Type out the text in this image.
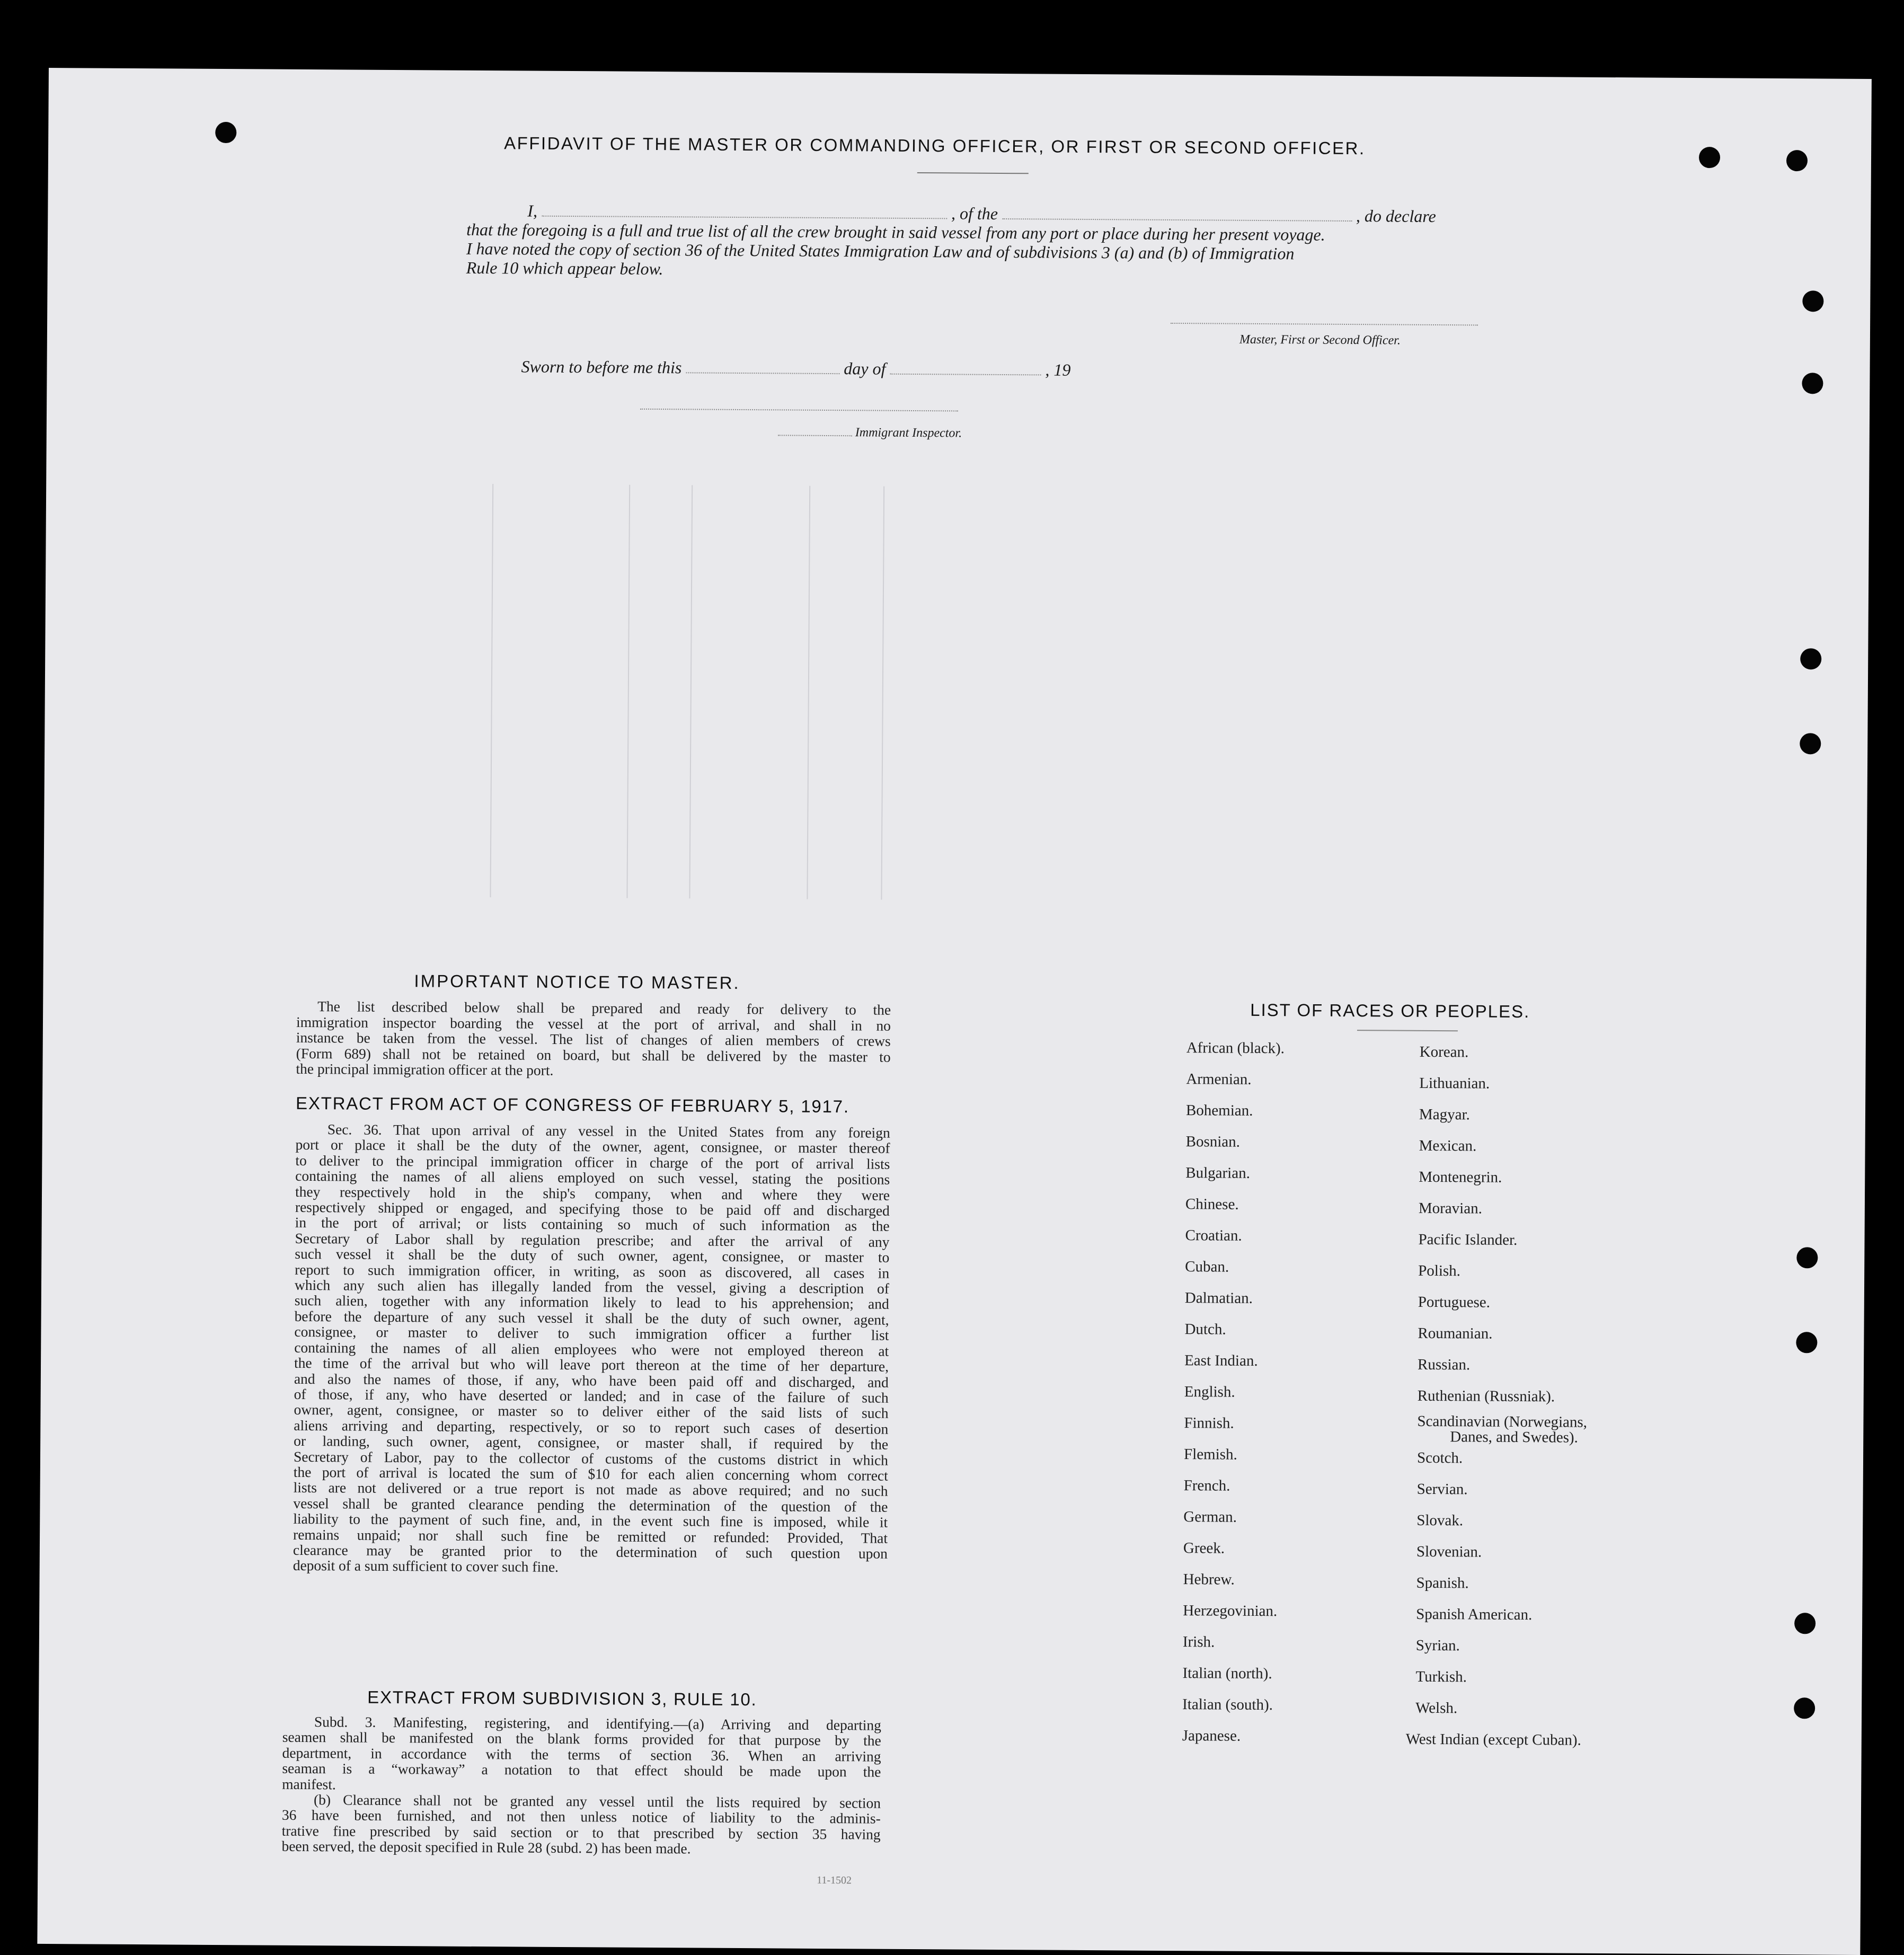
AFFIDAVIT OF THE MASTER OR COMMANDING OFFICER, OR FIRST OR SECOND OFFICER.
I,	, of the	, do declare
that the foregoing is a full and true list of all the crew brought in said vessel from any port or place during her present voyage.
I have noted the copy of section 36 of the United States Immigration Law and of subdivisions 3 (a) and (b) of Immigration
Rule 10 which appear below.
Master, First or Second Officer.
Sworn to before me this	day of	, 19
Immigrant Inspector.
IMPORTANT NOTICE TO MASTER.
The list described below shall be prepared and ready for delivery to the
immigration inspector boarding the vessel at the port of arrival, and shall in no
instance be taken from the vessel. The list of changes of alien members of crews
(Form 689) shall not be retained on board, but shall be delivered by the master to
the principal immigration officer at the port.
EXTRACT FROM ACT OF CONGRESS OF FEBRUARY 5, 1917.
Sec. 36. That upon arrival of any vessel in the United States from any foreign
port or place it shall be the duty of the owner, agent, consignee, or master thereof
to deliver to the principal immigration officer in charge of the port of arrival lists
containing the names of all aliens employed on such vessel, stating the positions
they respectively hold in the ship's company, when and where they were
respectively shipped or engaged, and specifying those to be paid off and discharged
in the port of arrival; or lists containing so much of such information as the
Secretary of Labor shall by regulation prescribe; and after the arrival of any
such vessel it shall be the duty of such owner, agent, consignee, or master to
report to such immigration officer, in writing, as soon as discovered, all cases in
which any such alien has illegally landed from the vessel, giving a description of
such alien, together with any information likely to lead to his apprehension; and
before the departure of any such vessel it shall be the duty of such owner, agent,
consignee, or master to deliver to such immigration officer a further list
containing the names of all alien employees who were not employed thereon at
the time of the arrival but who will leave port thereon at the time of her departure,
and also the names of those, if any, who have been paid off and discharged, and
of those, if any, who have deserted or landed; and in case of the failure of such
owner, agent, consignee, or master so to deliver either of the said lists of such
aliens arriving and departing, respectively, or so to report such cases of desertion
or landing, such owner, agent, consignee, or master shall, if required by the
Secretary of Labor, pay to the collector of customs of the customs district in which
the port of arrival is located the sum of $10 for each alien concerning whom correct
lists are not delivered or a true report is not made as above required; and no such
vessel shall be granted clearance pending the determination of the question of the
liability to the payment of such fine, and, in the event such fine is imposed, while it
remains unpaid; nor shall such fine be remitted or refunded: Provided, That
clearance may be granted prior to the determination of such question upon
deposit of a sum sufficient to cover such fine.
EXTRACT FROM SUBDIVISION 3, RULE 10.
Subd. 3. Manifesting, registering, and identifying.—(a) Arriving and departing
seamen shall be manifested on the blank forms provided for that purpose by the
department, in accordance with the terms of section 36. When an arriving
seaman is a “workaway” a notation to that effect should be made upon the
manifest.
(b) Clearance shall not be granted any vessel until the lists required by section
36 have been furnished, and not then unless notice of liability to the adminis-
trative fine prescribed by said section or to that prescribed by section 35 having
been served, the deposit specified in Rule 28 (subd. 2) has been made.
11-1502
LIST OF RACES OR PEOPLES.
African (black).
Armenian.
Bohemian.
Bosnian.
Bulgarian.
Chinese.
Croatian.
Cuban.
Dalmatian.
Dutch.
East Indian.
English.
Finnish.
Flemish.
French.
German.
Greek.
Hebrew.
Herzegovinian.
Irish.
Italian (north).
Italian (south).
Japanese.
Korean.
Lithuanian.
Magyar.
Mexican.
Montenegrin.
Moravian.
Pacific Islander.
Polish.
Portuguese.
Roumanian.
Russian.
Ruthenian (Russniak).
Scandinavian (Norwegians,
Danes, and Swedes).
Scotch.
Servian.
Slovak.
Slovenian.
Spanish.
Spanish American.
Syrian.
Turkish.
Welsh.
West Indian (except Cuban).
